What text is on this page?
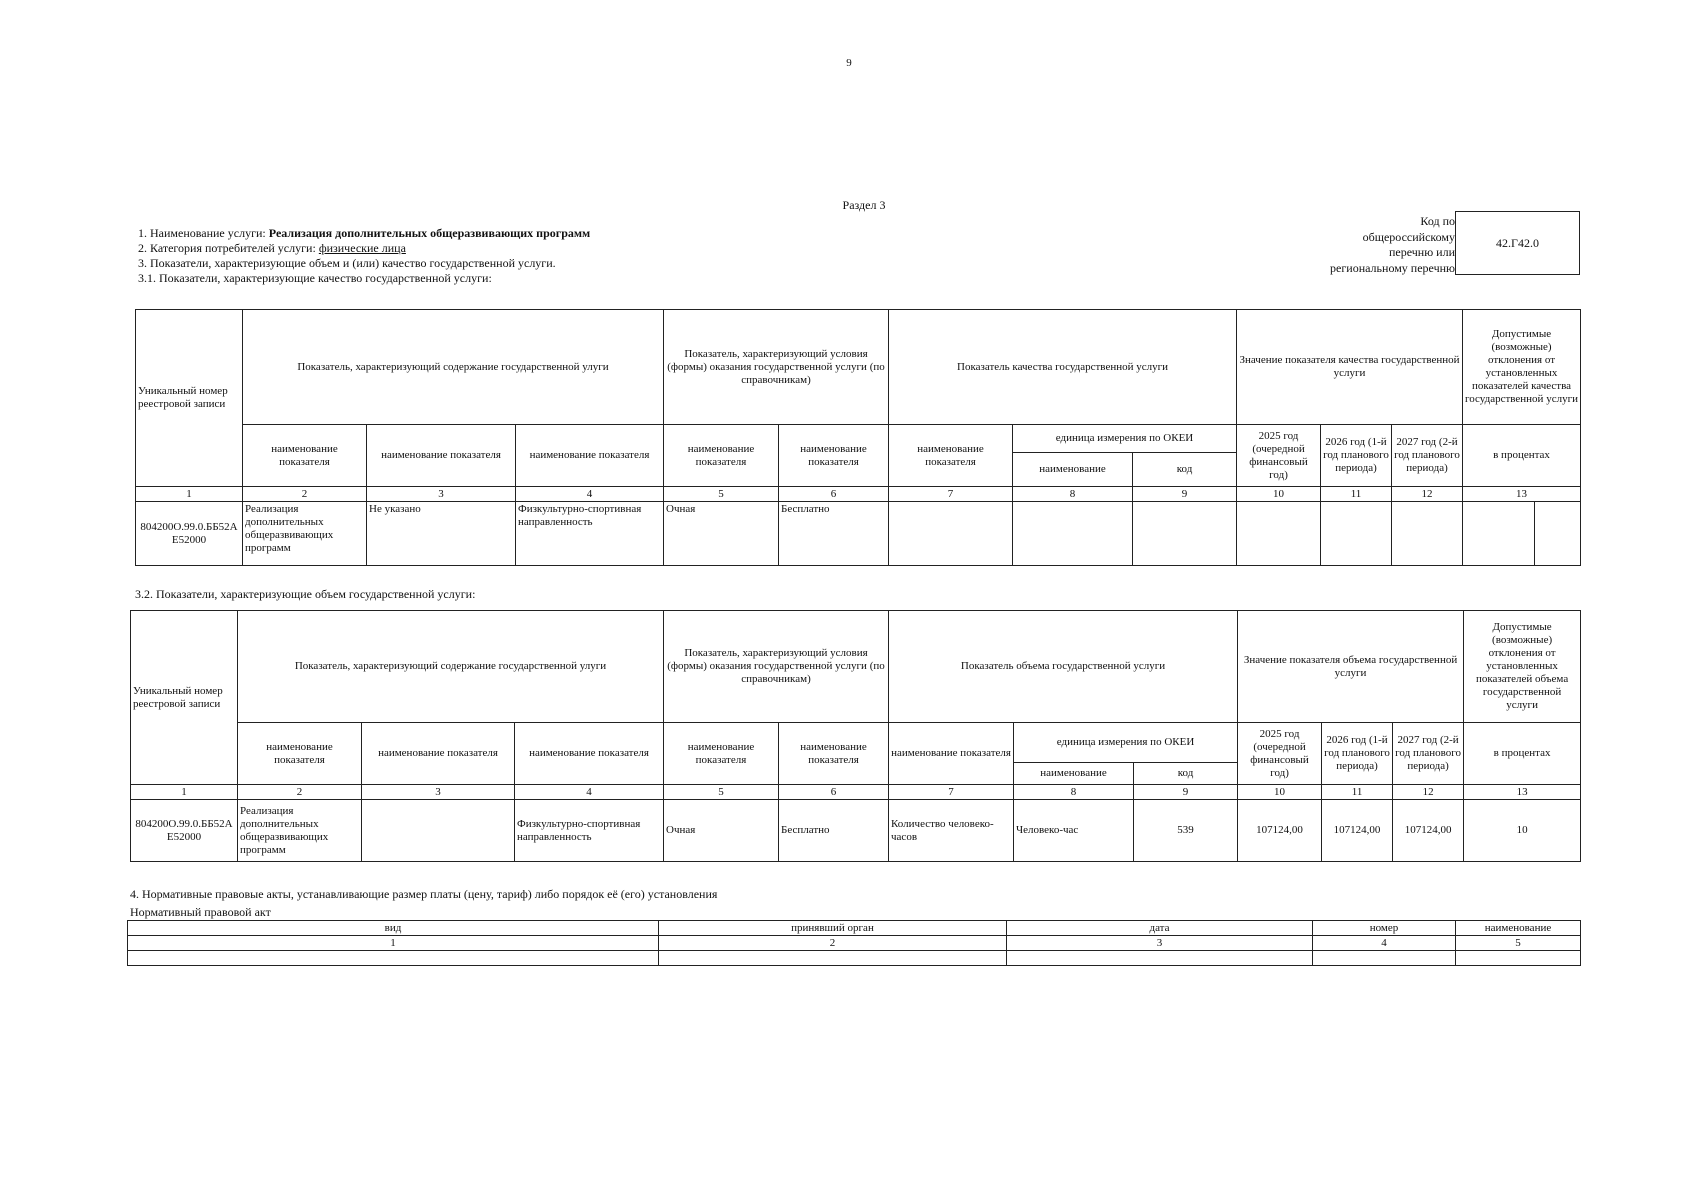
9
Раздел 3
1. Наименование услуги: Реализация дополнительных общеразвивающих программ
2. Категория потребителей услуги: физические лица
3. Показатели, характеризующие объем и (или) качество государственной услуги.
3.1. Показатели, характеризующие качество государственной услуги:
Код по
общероссийскому
перечню или
региональному перечню
42.Г42.0
Уникальный номер реестровой записи	Показатель, характеризующий содержание государственной улуги			Показатель, характеризующий условия (формы) оказания государственной услуги (по справочникам)		Показатель качества государственной услуги			Значение показателя качества государственной услуги			Допустимые (возможные) отклонения от установленных показателей качества государственной услуги	
	наименование показателя	наименование показателя	наименование показателя	наименование показателя	наименование показателя	наименование показателя	единица измерения по ОКЕИ		2025 год (очередной финансовый год)	2026 год (1-й год планового периода)	2027 год (2-й год планового периода)	в процентах	
							наименование	код					
1	2	3	4	5	6	7	8	9	10	11	12	13	
804200О.99.0.ББ52АЕ52000	Реализация дополнительных общеразвивающих программ	Не указано	Физкультурно-спортивная направленность	Очная	Бесплатно								
3.2. Показатели, характеризующие объем государственной услуги:
Уникальный номер реестровой записи	Показатель, характеризующий содержание государственной улуги			Показатель, характеризующий условия (формы) оказания государственной услуги (по справочникам)		Показатель объема государственной услуги			Значение показателя объема государственной услуги			Допустимые (возможные) отклонения от установленных показателей объема государственной услуги
	наименование показателя	наименование показателя	наименование показателя	наименование показателя	наименование показателя	наименование показателя	единица измерения по ОКЕИ		2025 год (очередной финансовый год)	2026 год (1-й год планового периода)	2027 год (2-й год планового периода)	в процентах
							наименование	код				
1	2	3	4	5	6	7	8	9	10	11	12	13
804200О.99.0.ББ52АЕ52000	Реализация дополнительных общеразвивающих программ		Физкультурно-спортивная направленность	Очная	Бесплатно	Количество человеко-часов	Человеко-час	539	107124,00	107124,00	107124,00	10
4. Нормативные правовые акты, устанавливающие размер платы (цену, тариф) либо порядок её (его) установления
Нормативный правовой акт
вид	принявший орган	дата	номер	наименование
1	2	3	4	5
